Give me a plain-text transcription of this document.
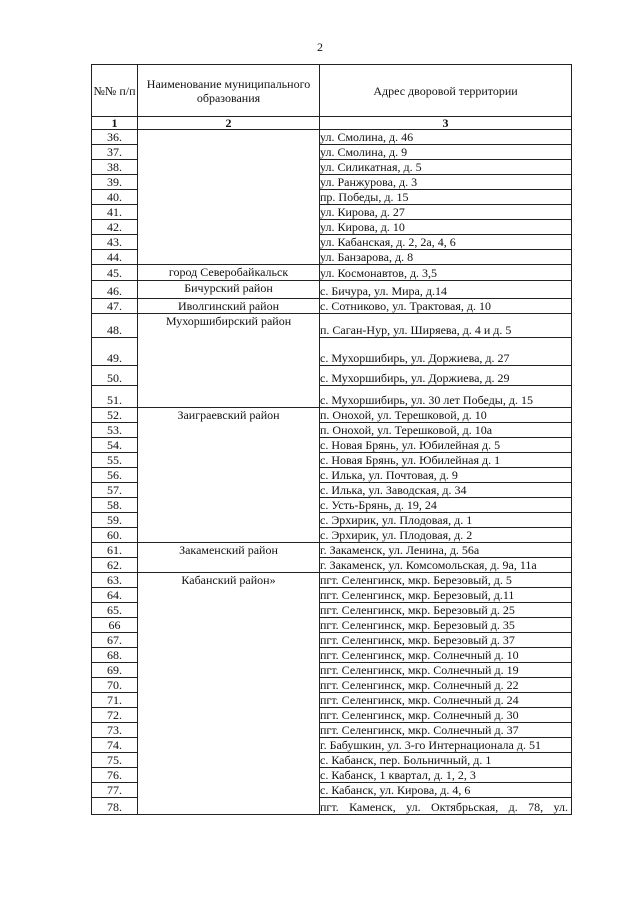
2
№№ п/п	Наименование муниципального образования	Адрес дворовой территории
1	2	3
36.		ул. Смолина, д. 46
37.		ул. Смолина, д. 9
38.		ул. Силикатная, д. 5
39.		ул. Ранжурова, д. 3
40.		пр. Победы, д. 15
41.		ул. Кирова, д. 27
42.		ул. Кирова, д. 10
43.		ул. Кабанская, д. 2, 2а, 4, 6
44.		ул. Банзарова, д. 8
45.	город Северобайкальск	ул. Космонавтов, д. 3,5
46.	Бичурский район	с. Бичура, ул. Мира, д.14
47.	Иволгинский район	с. Сотниково, ул. Трактовая, д. 10
48.	Мухоршибирский район	п. Саган-Нур, ул. Ширяева, д. 4 и д. 5
49.		с. Мухоршибирь, ул. Доржиева, д. 27
50.		с. Мухоршибирь, ул. Доржиева, д. 29
51.		с. Мухоршибирь, ул. 30 лет Победы, д. 15
52.	Заиграевский район	п. Онохой, ул. Терешковой, д. 10
53.		п. Онохой, ул. Терешковой, д. 10а
54.		с. Новая Брянь, ул. Юбилейная д. 5
55.		с. Новая Брянь, ул. Юбилейная д. 1
56.		с. Илька, ул. Почтовая, д. 9
57.		с. Илька, ул. Заводская, д. 34
58.		с. Усть-Брянь, д. 19, 24
59.		с. Эрхирик, ул. Плодовая, д. 1
60.		с. Эрхирик, ул. Плодовая, д. 2
61.	Закаменский район	г. Закаменск, ул. Ленина, д. 56а
62.		г. Закаменск, ул. Комсомольская, д. 9а, 11а
63.	Кабанский район»	пгт. Селенгинск, мкр. Березовый, д. 5
64.		пгт. Селенгинск, мкр. Березовый, д.11
65.		пгт. Селенгинск, мкр. Березовый д. 25
66		пгт. Селенгинск, мкр. Березовый д. 35
67.		пгт. Селенгинск, мкр. Березовый д. 37
68.		пгт. Селенгинск, мкр. Солнечный д. 10
69.		пгт. Селенгинск, мкр. Солнечный д. 19
70.		пгт. Селенгинск, мкр. Солнечный д. 22
71.		пгт. Селенгинск, мкр. Солнечный д. 24
72.		пгт. Селенгинск, мкр. Солнечный д. 30
73.		пгт. Селенгинск, мкр. Солнечный д. 37
74.		г. Бабушкин, ул. 3-го Интернационала д. 51
75.		с. Кабанск, пер. Больничный, д. 1
76.		с. Кабанск, 1 квартал, д. 1, 2, 3
77.		с. Кабанск, ул. Кирова, д. 4, 6
78.		пгт. Каменск, ул. Октябрьская, д. 78, ул.
